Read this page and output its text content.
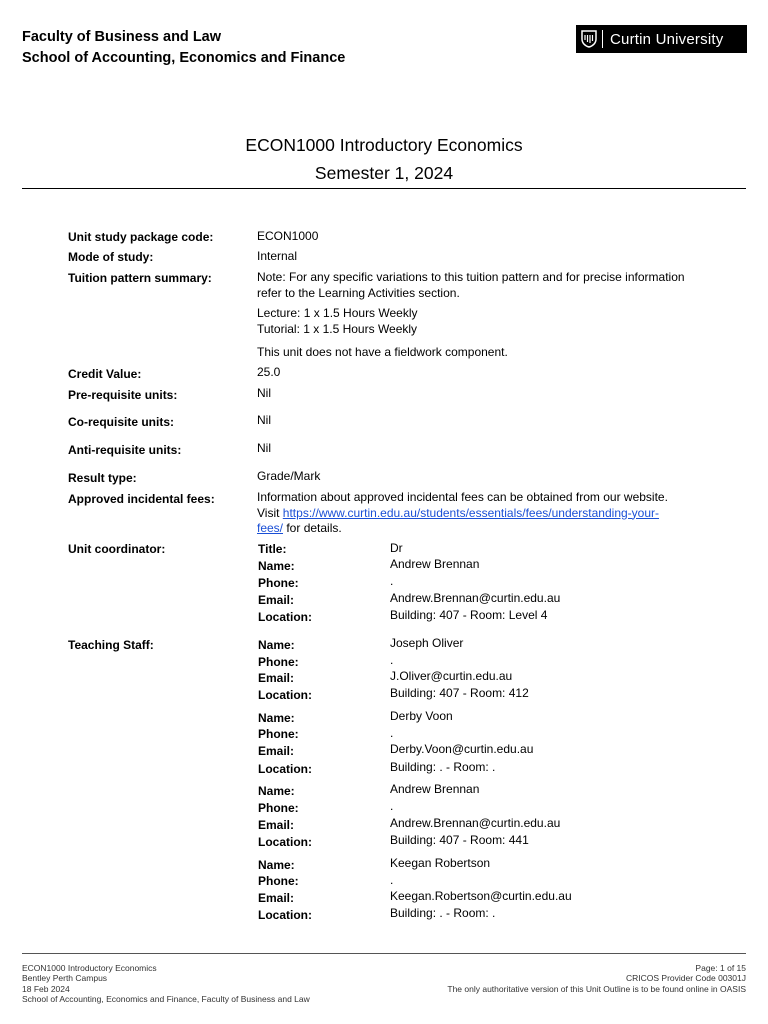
Faculty of Business and Law
School of Accounting, Economics and Finance
Curtin University
ECON1000 Introductory Economics
Semester 1, 2024
Unit study package code:	ECON1000
Mode of study:	Internal
Tuition pattern summary:	Note: For any specific variations to this tuition pattern and for precise information refer to the Learning Activities section.
Lecture: 1 x 1.5 Hours Weekly
Tutorial: 1 x 1.5 Hours Weekly
This unit does not have a fieldwork component.
Credit Value:	25.0
Pre-requisite units:	Nil
Co-requisite units:	Nil
Anti-requisite units:	Nil
Result type:	Grade/Mark
Approved incidental fees:	Information about approved incidental fees can be obtained from our website.
Visit https://www.curtin.edu.au/students/essentials/fees/understanding-your-
fees/ for details.
Unit coordinator:	Title:	Dr
Name:	Andrew Brennan
Phone:	.
Email:	Andrew.Brennan@curtin.edu.au
Location:	Building: 407 - Room: Level 4
Teaching Staff:	Name:	Joseph Oliver
Phone:	.
Email:	J.Oliver@curtin.edu.au
Location:	Building: 407 - Room: 412
Name:	Derby Voon
Phone:	.
Email:	Derby.Voon@curtin.edu.au
Location:	Building: . - Room: .
Name:	Andrew Brennan
Phone:	.
Email:	Andrew.Brennan@curtin.edu.au
Location:	Building: 407 - Room: 441
Name:	Keegan Robertson
Phone:	.
Email:	Keegan.Robertson@curtin.edu.au
Location:	Building: . - Room: .
ECON1000 Introductory Economics
Bentley Perth Campus
18 Feb 2024
School of Accounting, Economics and Finance, Faculty of Business and Law
Page: 1 of 15
CRICOS Provider Code 00301J
The only authoritative version of this Unit Outline is to be found online in OASIS
